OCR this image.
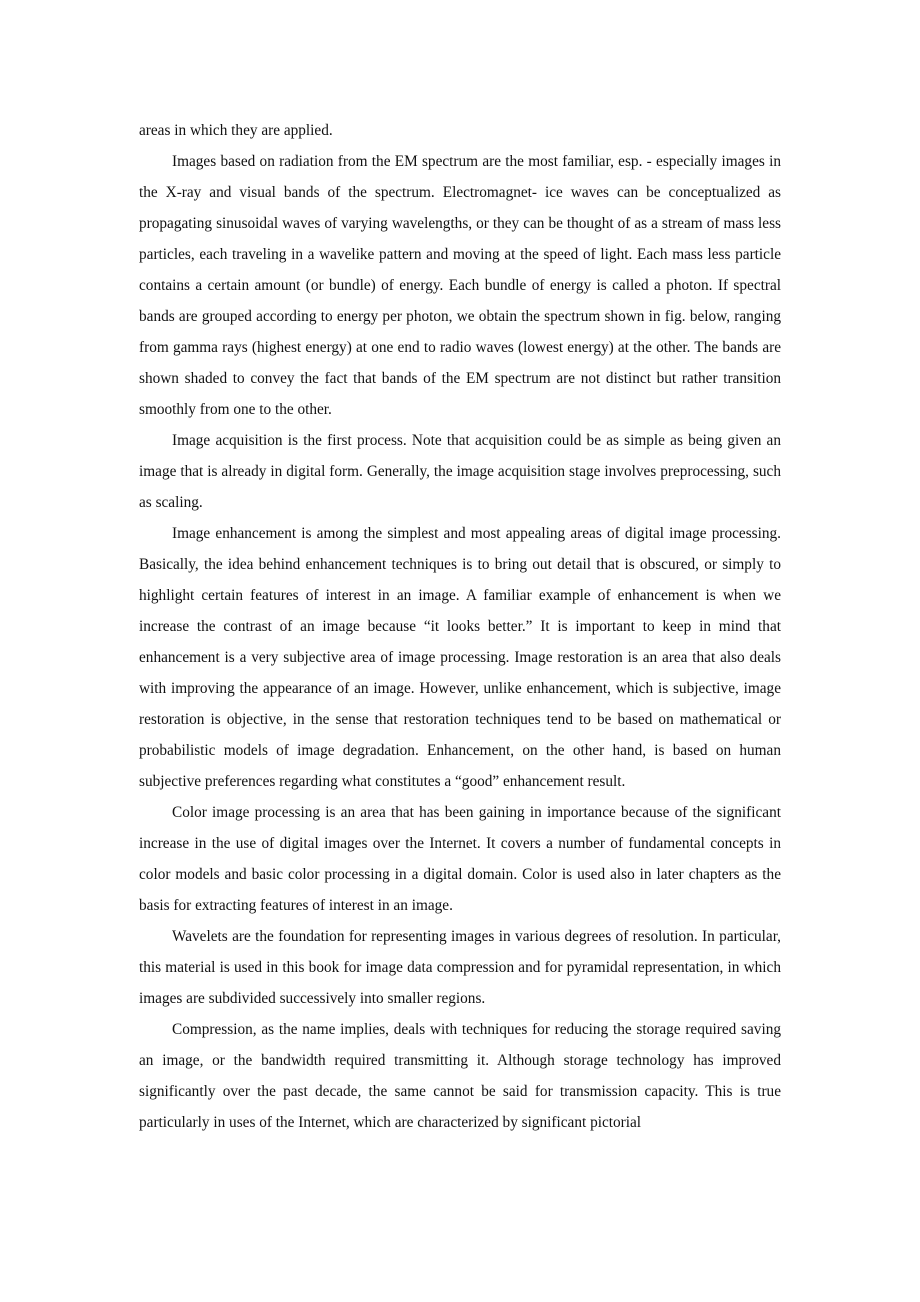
areas in which they are applied.

Images based on radiation from the EM spectrum are the most familiar, esp. - especially images in the X-ray and visual bands of the spectrum. Electromagnet- ice waves can be conceptualized as propagating sinusoidal waves of varying wavelengths, or they can be thought of as a stream of mass less particles, each traveling in a wavelike pattern and moving at the speed of light. Each mass less particle contains a certain amount (or bundle) of energy. Each bundle of energy is called a photon. If spectral bands are grouped according to energy per photon, we obtain the spectrum shown in fig. below, ranging from gamma rays (highest energy) at one end to radio waves (lowest energy) at the other. The bands are shown shaded to convey the fact that bands of the EM spectrum are not distinct but rather transition smoothly from one to the other.

Image acquisition is the first process. Note that acquisition could be as simple as being given an image that is already in digital form. Generally, the image acquisition stage involves preprocessing, such as scaling.

Image enhancement is among the simplest and most appealing areas of digital image processing. Basically, the idea behind enhancement techniques is to bring out detail that is obscured, or simply to highlight certain features of interest in an image. A familiar example of enhancement is when we increase the contrast of an image because “it looks better.” It is important to keep in mind that enhancement is a very subjective area of image processing. Image restoration is an area that also deals with improving the appearance of an image. However, unlike enhancement, which is subjective, image restoration is objective, in the sense that restoration techniques tend to be based on mathematical or probabilistic models of image degradation. Enhancement, on the other hand, is based on human subjective preferences regarding what constitutes a “good” enhancement result.

Color image processing is an area that has been gaining in importance because of the significant increase in the use of digital images over the Internet. It covers a number of fundamental concepts in color models and basic color processing in a digital domain. Color is used also in later chapters as the basis for extracting features of interest in an image.

Wavelets are the foundation for representing images in various degrees of resolution. In particular, this material is used in this book for image data compression and for pyramidal representation, in which images are subdivided successively into smaller regions.

Compression, as the name implies, deals with techniques for reducing the storage required saving an image, or the bandwidth required transmitting it. Although storage technology has improved significantly over the past decade, the same cannot be said for transmission capacity. This is true particularly in uses of the Internet, which are characterized by significant pictorial
